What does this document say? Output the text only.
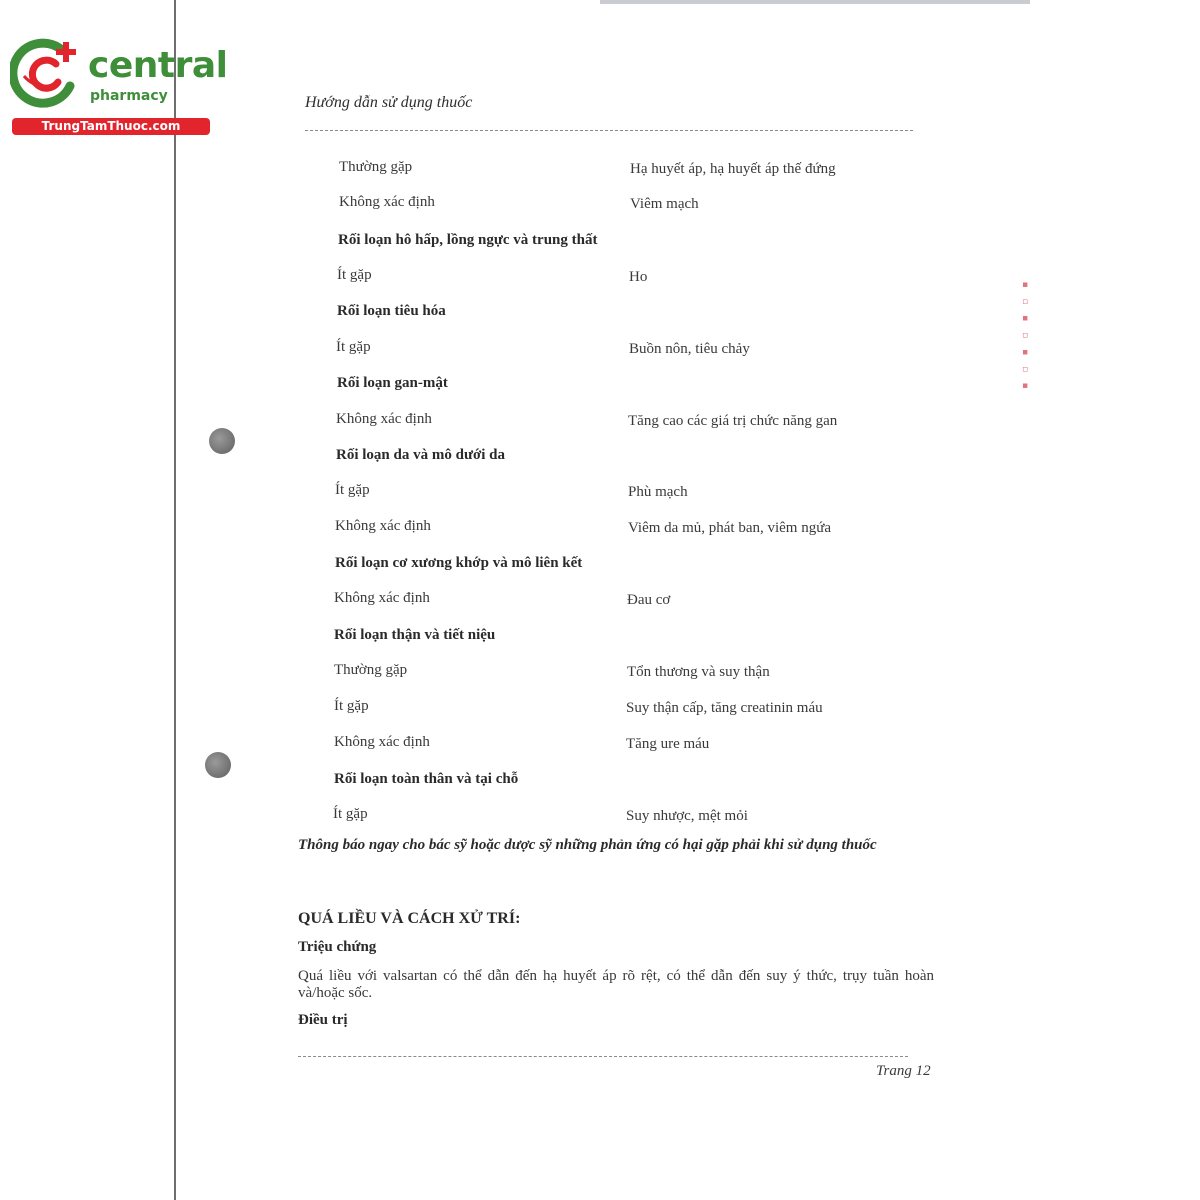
▪ ▫ ▪ ▫ ▪ ▫ ▪
central
pharmacy
TrungTamThuoc.com
Hướng dẫn sử dụng thuốc
Thường gặp	Hạ huyết áp, hạ huyết áp thế đứng
Không xác định	Viêm mạch
Rối loạn hô hấp, lồng ngực và trung thất
Ít gặp	Ho
Rối loạn tiêu hóa
Ít gặp	Buồn nôn, tiêu chảy
Rối loạn gan-mật
Không xác định	Tăng cao các giá trị chức năng gan
Rối loạn da và mô dưới da
Ít gặp	Phù mạch
Không xác định	Viêm da mủ, phát ban, viêm ngứa
Rối loạn cơ xương khớp và mô liên kết
Không xác định	Đau cơ
Rối loạn thận và tiết niệu
Thường gặp	Tổn thương và suy thận
Ít gặp	Suy thận cấp, tăng creatinin máu
Không xác định	Tăng ure máu
Rối loạn toàn thân và tại chỗ
Ít gặp	Suy nhược, mệt mỏi
Thông báo ngay cho bác sỹ hoặc dược sỹ những phản ứng có hại gặp phải khi sử dụng thuốc
QUÁ LIỀU VÀ CÁCH XỬ TRÍ:
Triệu chứng
Quá liều với valsartan có thể dẫn đến hạ huyết áp rõ rệt, có thể dẫn đến suy ý thức, trụy tuần hoàn và/hoặc sốc.
Điều trị
Trang 12
